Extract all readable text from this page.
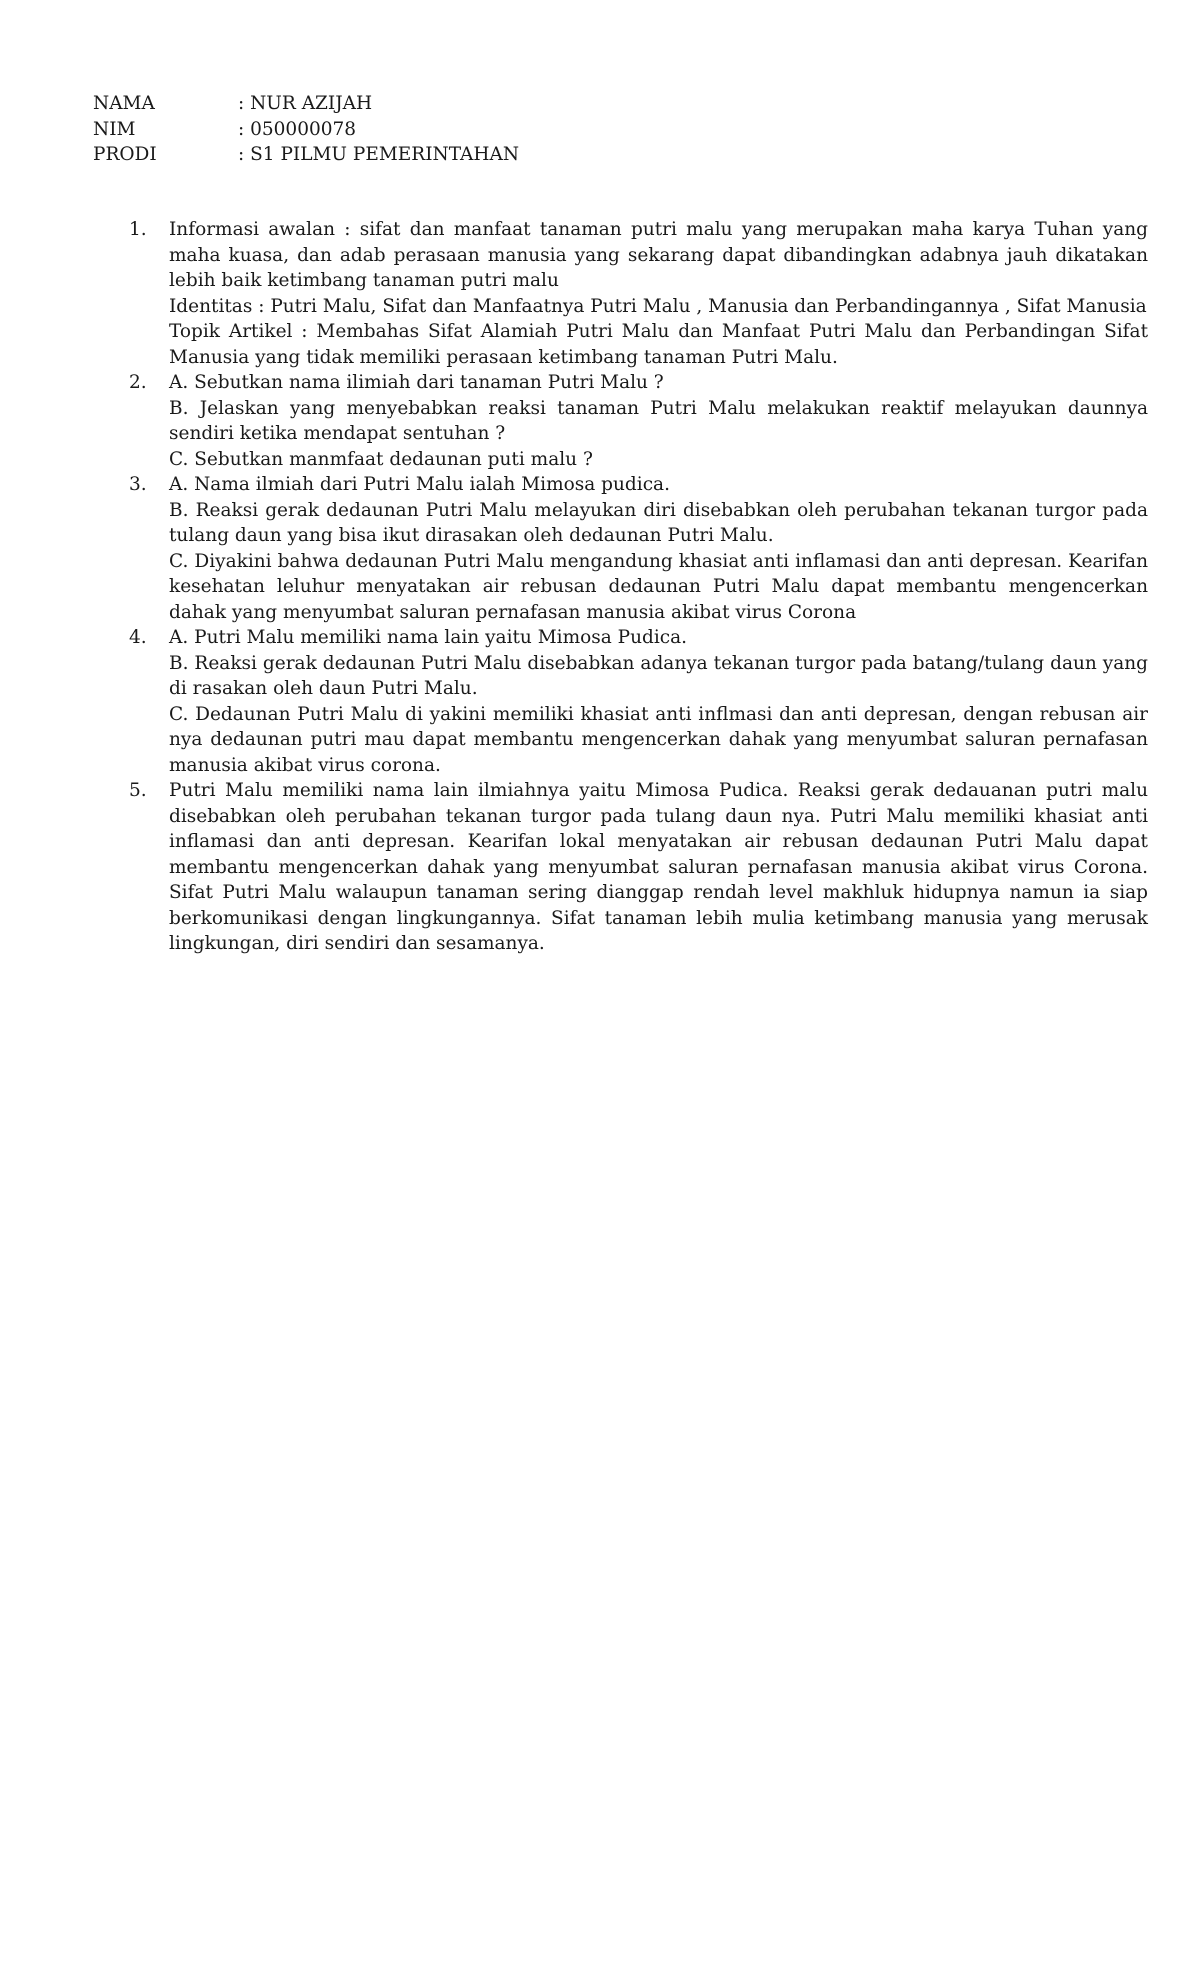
NAMA	: NUR AZIJAH
NIM	: 050000078
PRODI	: S1 PILMU PEMERINTAHAN
1.	Informasi awalan : sifat dan manfaat tanaman putri malu yang merupakan maha karya Tuhan yang maha kuasa, dan adab perasaan manusia yang sekarang dapat dibandingkan adabnya jauh dikatakan lebih baik ketimbang tanaman putri malu

Identitas : Putri Malu, Sifat dan Manfaatnya Putri Malu , Manusia dan Perbandingannya , Sifat Manusia

Topik Artikel : Membahas Sifat Alamiah Putri Malu dan Manfaat Putri Malu dan Perbandingan Sifat Manusia yang tidak memiliki perasaan ketimbang tanaman Putri Malu.

2.	A. Sebutkan nama ilimiah dari tanaman Putri Malu ?

B. Jelaskan yang menyebabkan reaksi tanaman Putri Malu melakukan reaktif melayukan daunnya sendiri ketika mendapat sentuhan ?

C. Sebutkan manmfaat dedaunan puti malu ?

3.	A. Nama ilmiah dari Putri Malu ialah Mimosa pudica.

B. Reaksi gerak dedaunan Putri Malu melayukan diri disebabkan oleh perubahan tekanan turgor pada tulang daun yang bisa ikut dirasakan oleh dedaunan Putri Malu.

C. Diyakini bahwa dedaunan Putri Malu mengandung khasiat anti inflamasi dan anti depresan. Kearifan kesehatan leluhur menyatakan air rebusan dedaunan Putri Malu dapat membantu mengencerkan dahak yang menyumbat saluran pernafasan manusia akibat virus Corona

4.	A. Putri Malu memiliki nama lain yaitu Mimosa Pudica.

B. Reaksi gerak dedaunan Putri Malu disebabkan adanya tekanan turgor pada batang/tulang daun yang di rasakan oleh daun Putri Malu.

C. Dedaunan Putri Malu di yakini memiliki khasiat anti inflmasi dan anti depresan, dengan rebusan air nya dedaunan putri mau dapat membantu mengencerkan dahak yang menyumbat saluran pernafasan manusia akibat virus corona.

5.	Putri Malu memiliki nama lain ilmiahnya yaitu Mimosa Pudica. Reaksi gerak dedauanan putri malu disebabkan oleh perubahan tekanan turgor pada tulang daun nya. Putri Malu memiliki khasiat anti inflamasi dan anti depresan. Kearifan lokal menyatakan air rebusan dedaunan Putri Malu dapat membantu mengencerkan dahak yang menyumbat saluran pernafasan manusia akibat virus Corona. Sifat Putri Malu walaupun tanaman sering dianggap rendah level makhluk hidupnya namun ia siap berkomunikasi dengan lingkungannya. Sifat tanaman lebih mulia ketimbang manusia yang merusak lingkungan, diri sendiri dan sesamanya.
